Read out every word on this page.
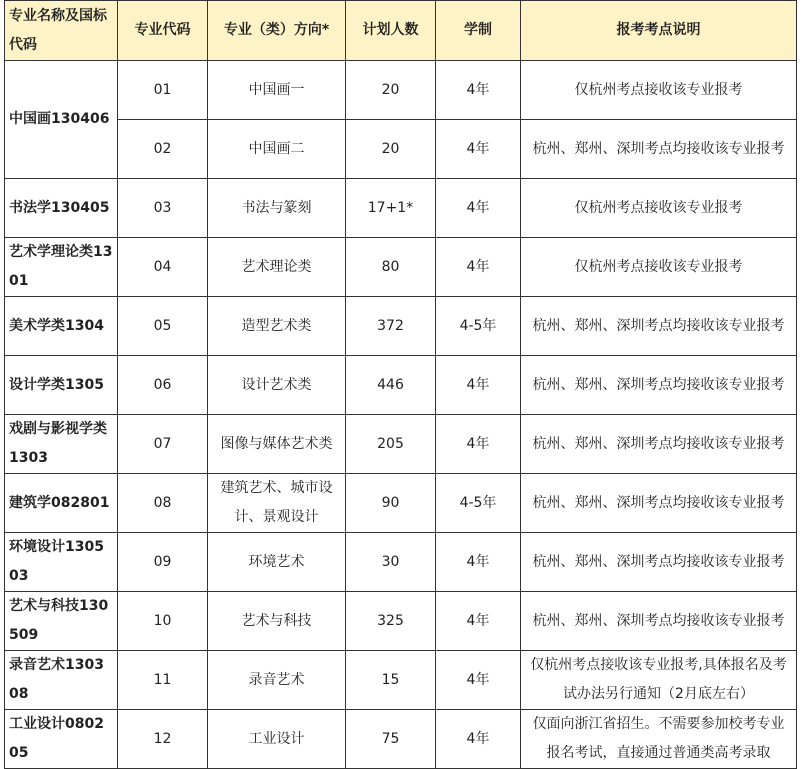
专业名称及国标代码	专业代码	专业（类）方向*	计划人数	学制	报考考点说明
中国画130406	01	中国画一	20	4年	仅杭州考点接收该专业报考
	02	中国画二	20	4年	杭州、郑州、深圳考点均接收该专业报考
书法学130405	03	书法与篆刻	17+1*	4年	仅杭州考点接收该专业报考
艺术学理论类1301	04	艺术理论类	80	4年	仅杭州考点接收该专业报考
美术学类1304	05	造型艺术类	372	4-5年	杭州、郑州、深圳考点均接收该专业报考
设计学类1305	06	设计艺术类	446	4年	杭州、郑州、深圳考点均接收该专业报考
戏剧与影视学类1303	07	图像与媒体艺术类	205	4年	杭州、郑州、深圳考点均接收该专业报考
建筑学082801	08	建筑艺术、城市设计、景观设计	90	4-5年	杭州、郑州、深圳考点均接收该专业报考
环境设计130503	09	环境艺术	30	4年	杭州、郑州、深圳考点均接收该专业报考
艺术与科技130509	10	艺术与科技	325	4年	杭州、郑州、深圳考点均接收该专业报考
录音艺术130308	11	录音艺术	15	4年	仅杭州考点接收该专业报考,具体报名及考试办法另行通知（2月底左右）
工业设计080205	12	工业设计	75	4年	仅面向浙江省招生。不需要参加校考专业报名考试，直接通过普通类高考录取
